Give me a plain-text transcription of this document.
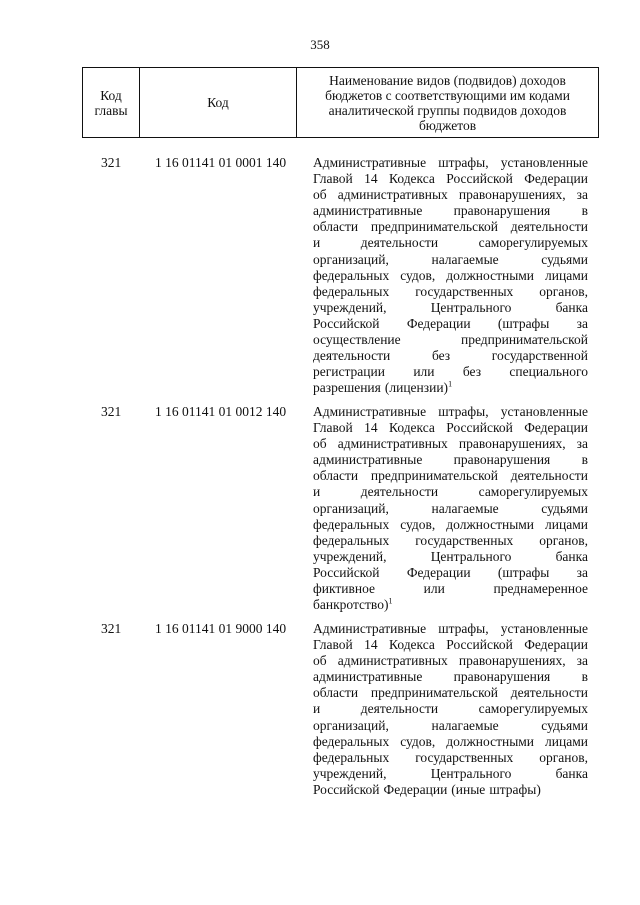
358
Код главы	Код	Наименование видов (подвидов) доходов бюджетов с соответствующими им кодами аналитической группы подвидов доходов бюджетов
321	1 16 01141 01 0001 140 Административные штрафы, установленные
Главой 14 Кодекса Российской Федерации
об административных правонарушениях, за
административные правонарушения в
области предпринимательской деятельности
и	деятельности	саморегулируемых
организаций,	налагаемые	судьями
федеральных судов, должностными лицами
федеральных государственных органов,
учреждений,	Центрального	банка
Российской Федерации (штрафы за
осуществление	предпринимательской
деятельности	без	государственной
регистрации или без специального
разрешения (лицензии)$^1$
321	1 16 01141 01 0012 140 Административные штрафы, установленные
Главой 14 Кодекса Российской Федерации
об административных правонарушениях, за
административные правонарушения в
области предпринимательской деятельности
и	деятельности	саморегулируемых
организаций,	налагаемые	судьями
федеральных судов, должностными лицами
федеральных государственных органов,
учреждений,	Центрального	банка
Российской Федерации (штрафы за
фиктивное	или	преднамеренное
банкротство)$^1$
321	1 16 01141 01 9000 140 Административные штрафы, установленные
Главой 14 Кодекса Российской Федерации
об административных правонарушениях, за
административные правонарушения в
области предпринимательской деятельности
и	деятельности	саморегулируемых
организаций,	налагаемые	судьями
федеральных судов, должностными лицами
федеральных государственных органов,
учреждений,	Центрального	банка
Российской Федерации (иные штрафы)
